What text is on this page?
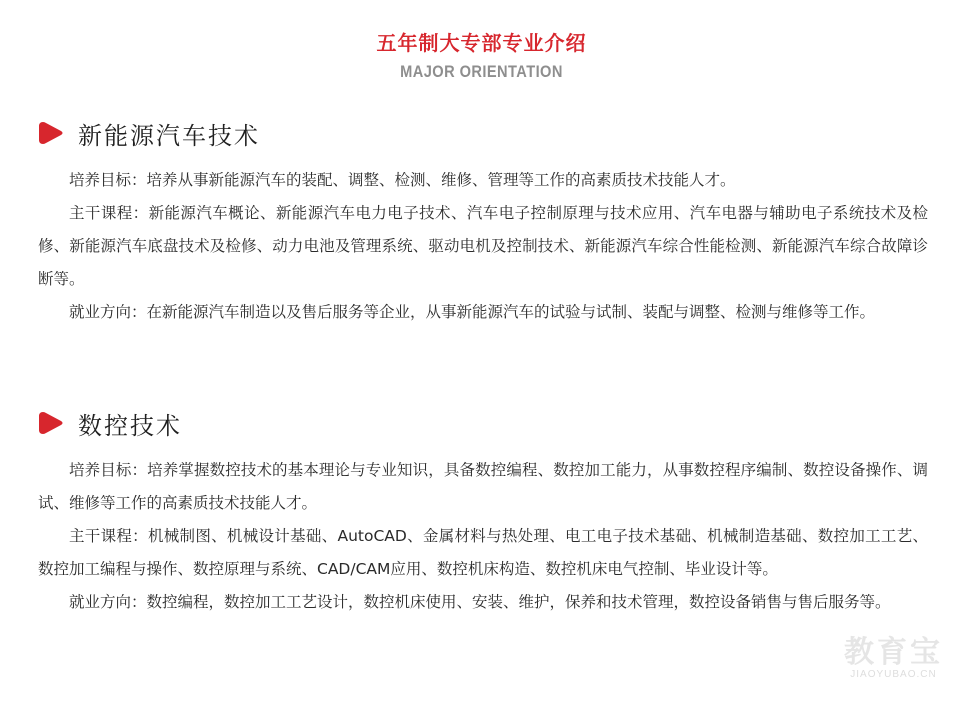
五年制大专部专业介绍
MAJOR ORIENTATION
新能源汽车技术

培养目标：培养从事新能源汽车的装配、调整、检测、维修、管理等工作的高素质技术技能人才。

主干课程：新能源汽车概论、新能源汽车电力电子技术、汽车电子控制原理与技术应用、汽车电器与辅助电子系统技术及检修、新能源汽车底盘技术及检修、动力电池及管理系统、驱动电机及控制技术、新能源汽车综合性能检测、新能源汽车综合故障诊断等。

就业方向：在新能源汽车制造以及售后服务等企业，从事新能源汽车的试验与试制、装配与调整、检测与维修等工作。

数控技术

培养目标：培养掌握数控技术的基本理论与专业知识，具备数控编程、数控加工能力，从事数控程序编制、数控设备操作、调试、维修等工作的高素质技术技能人才。

主干课程：机械制图、机械设计基础、AutoCAD、金属材料与热处理、电工电子技术基础、机械制造基础、数控加工工艺、数控加工编程与操作、数控原理与系统、CAD/CAM应用、数控机床构造、数控机床电气控制、毕业设计等。

就业方向：数控编程，数控加工工艺设计，数控机床使用、安装、维护，保养和技术管理，数控设备销售与售后服务等。

教育宝
JIAOYUBAO.CN
